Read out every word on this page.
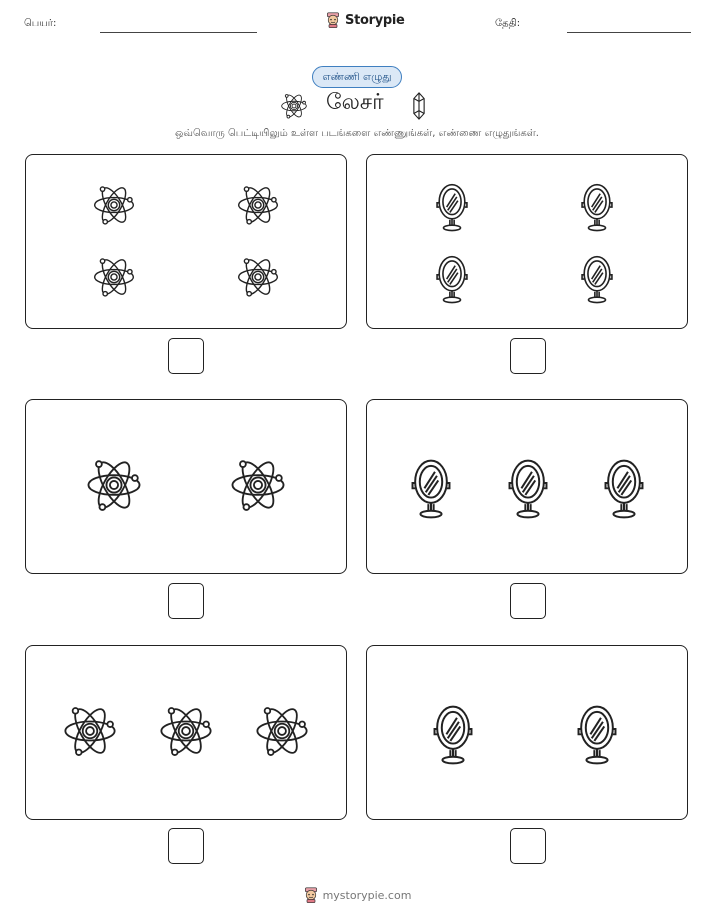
பெயர்:	Storypie	தேதி:
எண்ணி எழுது
லேசர்
ஒவ்வொரு பெட்டியிலும் உள்ள படங்களை எண்ணுங்கள், எண்ணை எழுதுங்கள்.
mystorypie.com
